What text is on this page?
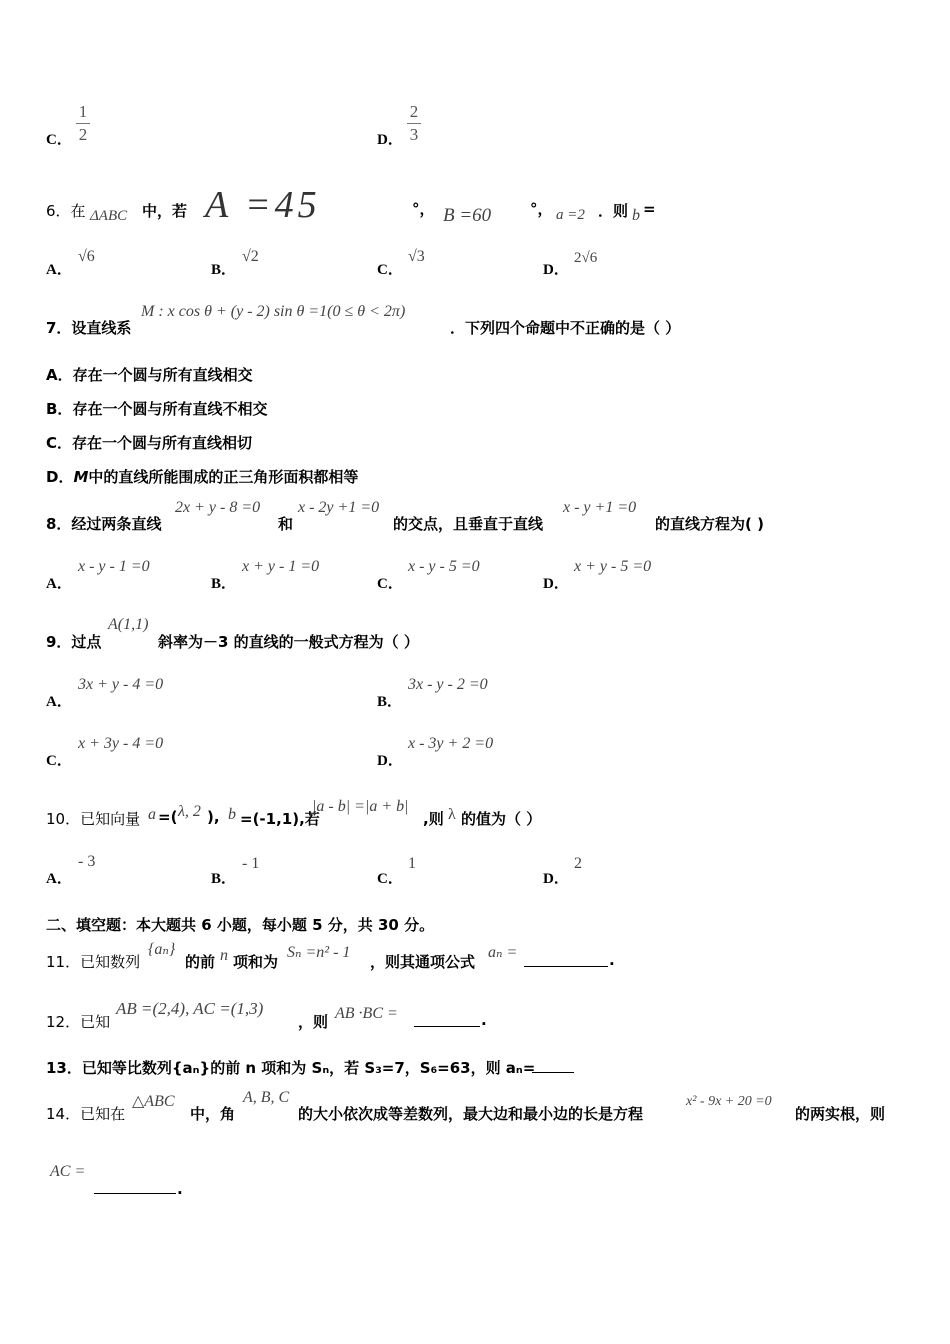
C．
1
2	D．
2
3
6．在 ΔABC 中，若 A =45	°， B =60	°， a =2 ．则 b =
A．
√6
B．
√2
C．
√3
D．
2√6
7．设直线系
M : x cos θ + (y - 2) sin θ =1(0 ≤ θ < 2π)
．下列四个命题中不正确的是（ ）
A．存在一个圆与所有直线相交
B．存在一个圆与所有直线不相交
C．存在一个圆与所有直线相切
D．M中的直线所能围成的正三角形面积都相等
8．经过两条直线
2x + y - 8 =0
和
x - 2y +1 =0
的交点，且垂直于直线
x - y +1 =0
的直线方程为( )
A．
x - y - 1 =0
B．
x + y - 1 =0
C．
x - y - 5 =0
D．
x + y - 5 =0
9．过点
A(1,1)
斜率为－3 的直线的一般式方程为（ ）
A．
3x + y - 4 =0
B．
3x - y - 2 =0
C．
x + 3y - 4 =0
D．
x - 3y + 2 =0
10．已知向量 a =( λ, 2 ), b =(-1,1),若
|a - b| =|a + b|
,则 λ 的值为（ ）
A．
- 3
B．
- 1
C．
1
D．
2
二、填空题：本大题共 6 小题，每小题 5 分，共 30 分。
11．已知数列
{aₙ}
的前 n 项和为
Sₙ =n² - 1
，则其通项公式
aₙ =	.
12．已知
AB =(2,4), AC =(1,3)
，则 AB ·BC =	.
13．已知等比数列{aₙ}的前 n 项和为 Sₙ，若 S₃=7，S₆=63，则 aₙ=
14．已知在
△ABC
中，角
A, B, C
的大小依次成等差数列，最大边和最小边的长是方程
x² - 9x + 20 =0
的两实根，则
AC =
.
